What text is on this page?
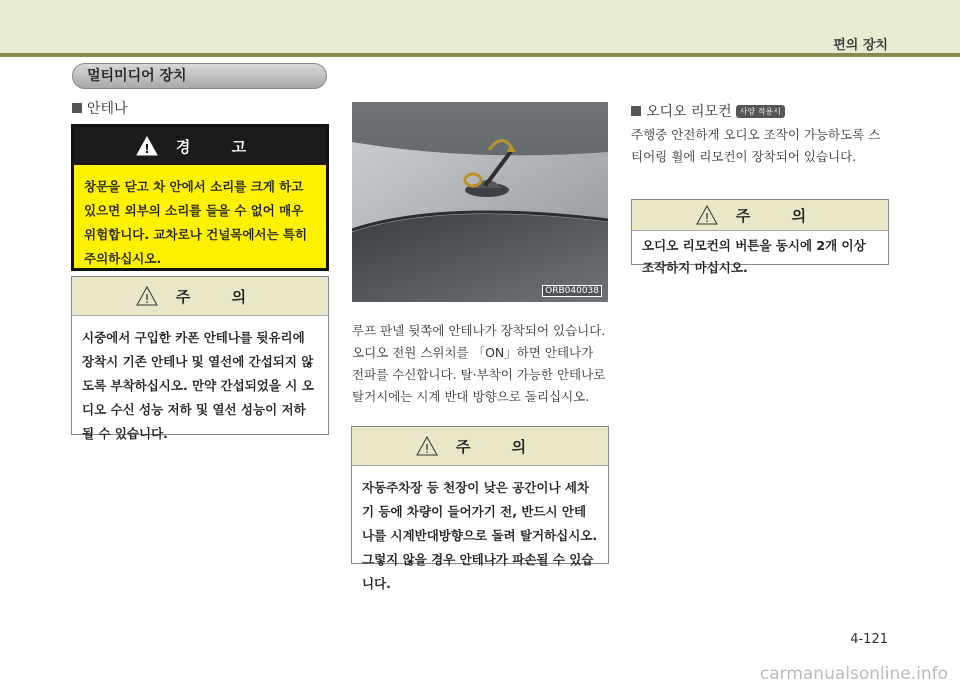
편의 장치
멀티미디어 장치
안테나
! 경 고
창문을 닫고 차 안에서 소리를 크게 하고 있으면 외부의 소리를 들을 수 없어 매우 위험합니다. 교차로나 건널목에서는 특히 주의하십시오.
! 주 의
시중에서 구입한 카폰 안테나를 뒷유리에 장착시 기존 안테나 및 열선에 간섭되지 않도록 부착하십시오. 만약 간섭되었을 시 오디오 수신 성능 저하 및 열선 성능이 저하 될 수 있습니다.
ORB040038
루프 판넬 뒷쪽에 안테나가 장착되어 있습니다. 오디오 전원 스위치를 「ON」하면 안테나가 전파를 수신합니다. 탈·부착이 가능한 안테나로 탈거시에는 시계 반대 방향으로 돌리십시오.
! 주 의
자동주차장 등 천장이 낮은 공간이나 세차기 등에 차량이 들어가기 전, 반드시 안테나를 시계반대방향으로 돌려 탈거하십시오. 그렇지 않을 경우 안테나가 파손될 수 있습니다.
오디오 리모컨 사양 적용시
주행중 안전하게 오디오 조작이 가능하도록 스티어링 휠에 리모컨이 장착되어 있습니다.
! 주 의
오디오 리모컨의 버튼을 동시에 2개 이상 조작하지 마십시오.
4-121
carmanualsonline.info
